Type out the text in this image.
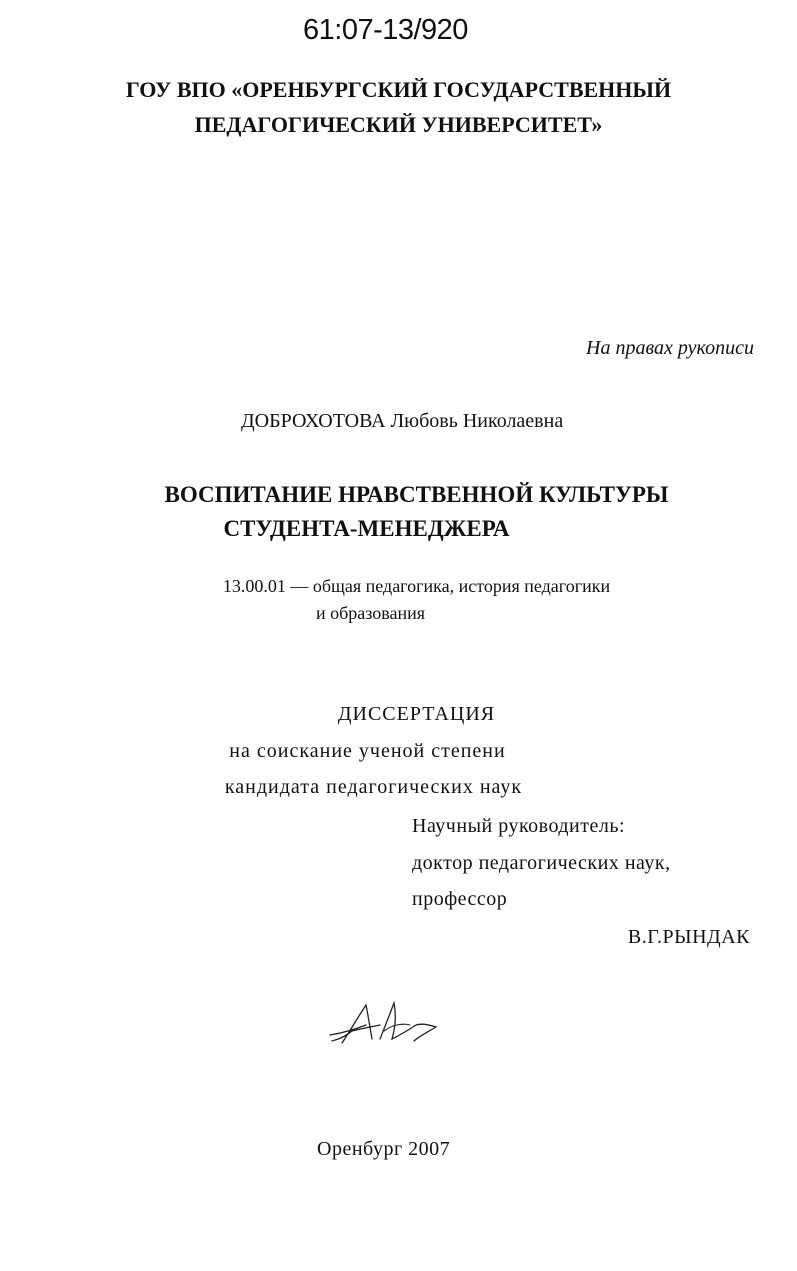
61:07-13/920
ГОУ ВПО «ОРЕНБУРГСКИЙ ГОСУДАРСТВЕННЫЙ
ПЕДАГОГИЧЕСКИЙ УНИВЕРСИТЕТ»
На правах рукописи
ДОБРОХОТОВА Любовь Николаевна
ВОСПИТАНИЕ НРАВСТВЕННОЙ КУЛЬТУРЫ
СТУДЕНТА-МЕНЕДЖЕРА
13.00.01 — общая педагогика, история педагогики
и образования
ДИССЕРТАЦИЯ
на соискание ученой степени
кандидата педагогических наук
Научный руководитель:
доктор педагогических наук,
профессор
В.Г.РЫНДАК
Оренбург 2007
